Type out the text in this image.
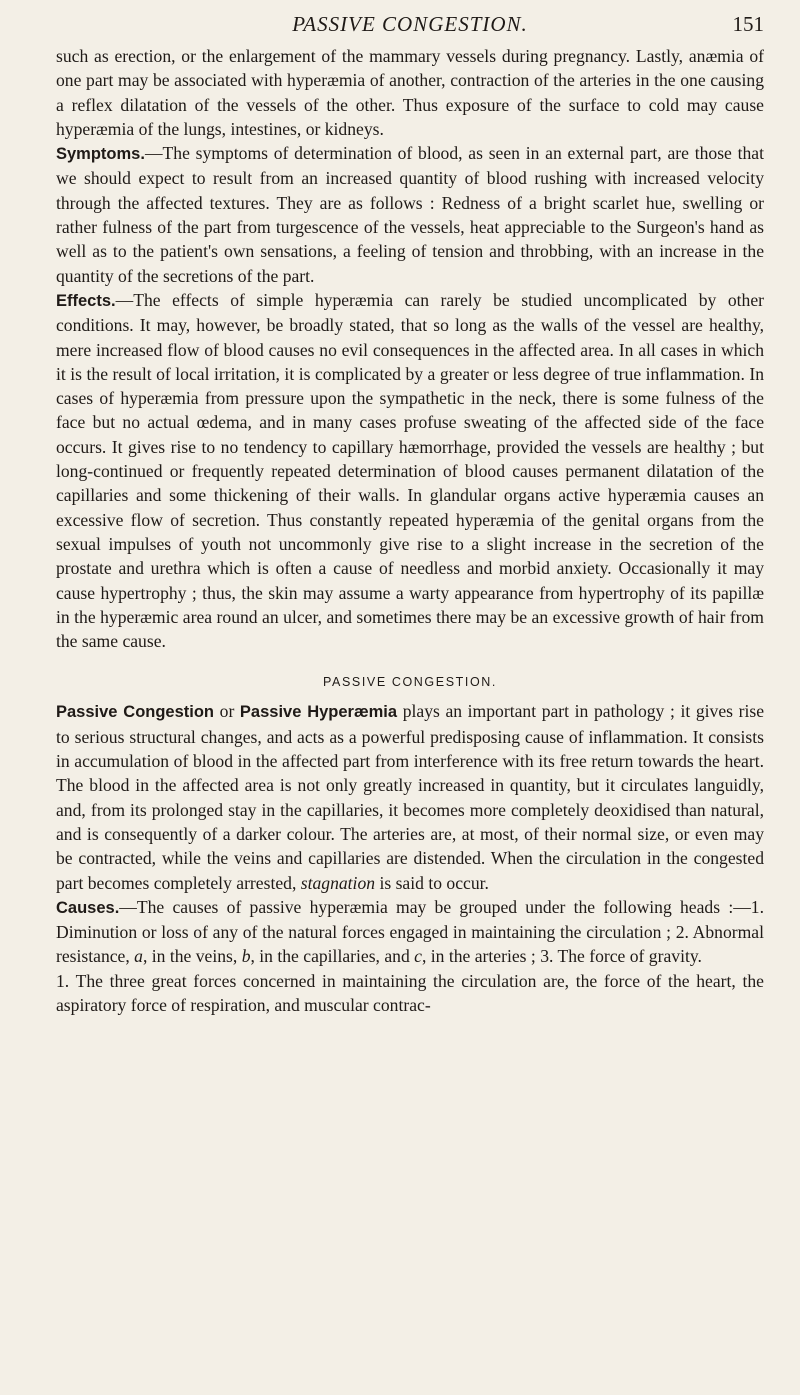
PASSIVE CONGESTION.	151

such as erection, or the enlargement of the mammary vessels during pregnancy. Lastly, anæmia of one part may be associated with hyperæmia of another, contraction of the arteries in the one causing a reflex dilatation of the vessels of the other. Thus exposure of the surface to cold may cause hyperæmia of the lungs, intestines, or kidneys.

Symptoms.—The symptoms of determination of blood, as seen in an external part, are those that we should expect to result from an increased quantity of blood rushing with increased velocity through the affected textures. They are as follows : Redness of a bright scarlet hue, swelling or rather fulness of the part from turgescence of the vessels, heat appreciable to the Surgeon's hand as well as to the patient's own sensations, a feeling of tension and throbbing, with an increase in the quantity of the secretions of the part.

Effects.—The effects of simple hyperæmia can rarely be studied uncomplicated by other conditions. It may, however, be broadly stated, that so long as the walls of the vessel are healthy, mere increased flow of blood causes no evil consequences in the affected area. In all cases in which it is the result of local irritation, it is complicated by a greater or less degree of true inflammation. In cases of hyperæmia from pressure upon the sympathetic in the neck, there is some fulness of the face but no actual œdema, and in many cases profuse sweating of the affected side of the face occurs. It gives rise to no tendency to capillary hæmorrhage, provided the vessels are healthy ; but long-continued or frequently repeated determination of blood causes permanent dilatation of the capillaries and some thickening of their walls. In glandular organs active hyperæmia causes an excessive flow of secretion. Thus constantly repeated hyperæmia of the genital organs from the sexual impulses of youth not uncommonly give rise to a slight increase in the secretion of the prostate and urethra which is often a cause of needless and morbid anxiety. Occasionally it may cause hypertrophy ; thus, the skin may assume a warty appearance from hypertrophy of its papillæ in the hyperæmic area round an ulcer, and sometimes there may be an excessive growth of hair from the same cause.

PASSIVE CONGESTION.

Passive Congestion or Passive Hyperæmia plays an important part in pathology ; it gives rise to serious structural changes, and acts as a powerful predisposing cause of inflammation. It consists in accumulation of blood in the affected part from interference with its free return towards the heart. The blood in the affected area is not only greatly increased in quantity, but it circulates languidly, and, from its prolonged stay in the capillaries, it becomes more completely deoxidised than natural, and is consequently of a darker colour. The arteries are, at most, of their normal size, or even may be contracted, while the veins and capillaries are distended. When the circulation in the congested part becomes completely arrested, stagnation is said to occur.

Causes.—The causes of passive hyperæmia may be grouped under the following heads :—1. Diminution or loss of any of the natural forces engaged in maintaining the circulation ; 2. Abnormal resistance, a, in the veins, b, in the capillaries, and c, in the arteries ; 3. The force of gravity.

1. The three great forces concerned in maintaining the circulation are, the force of the heart, the aspiratory force of respiration, and muscular contrac-
